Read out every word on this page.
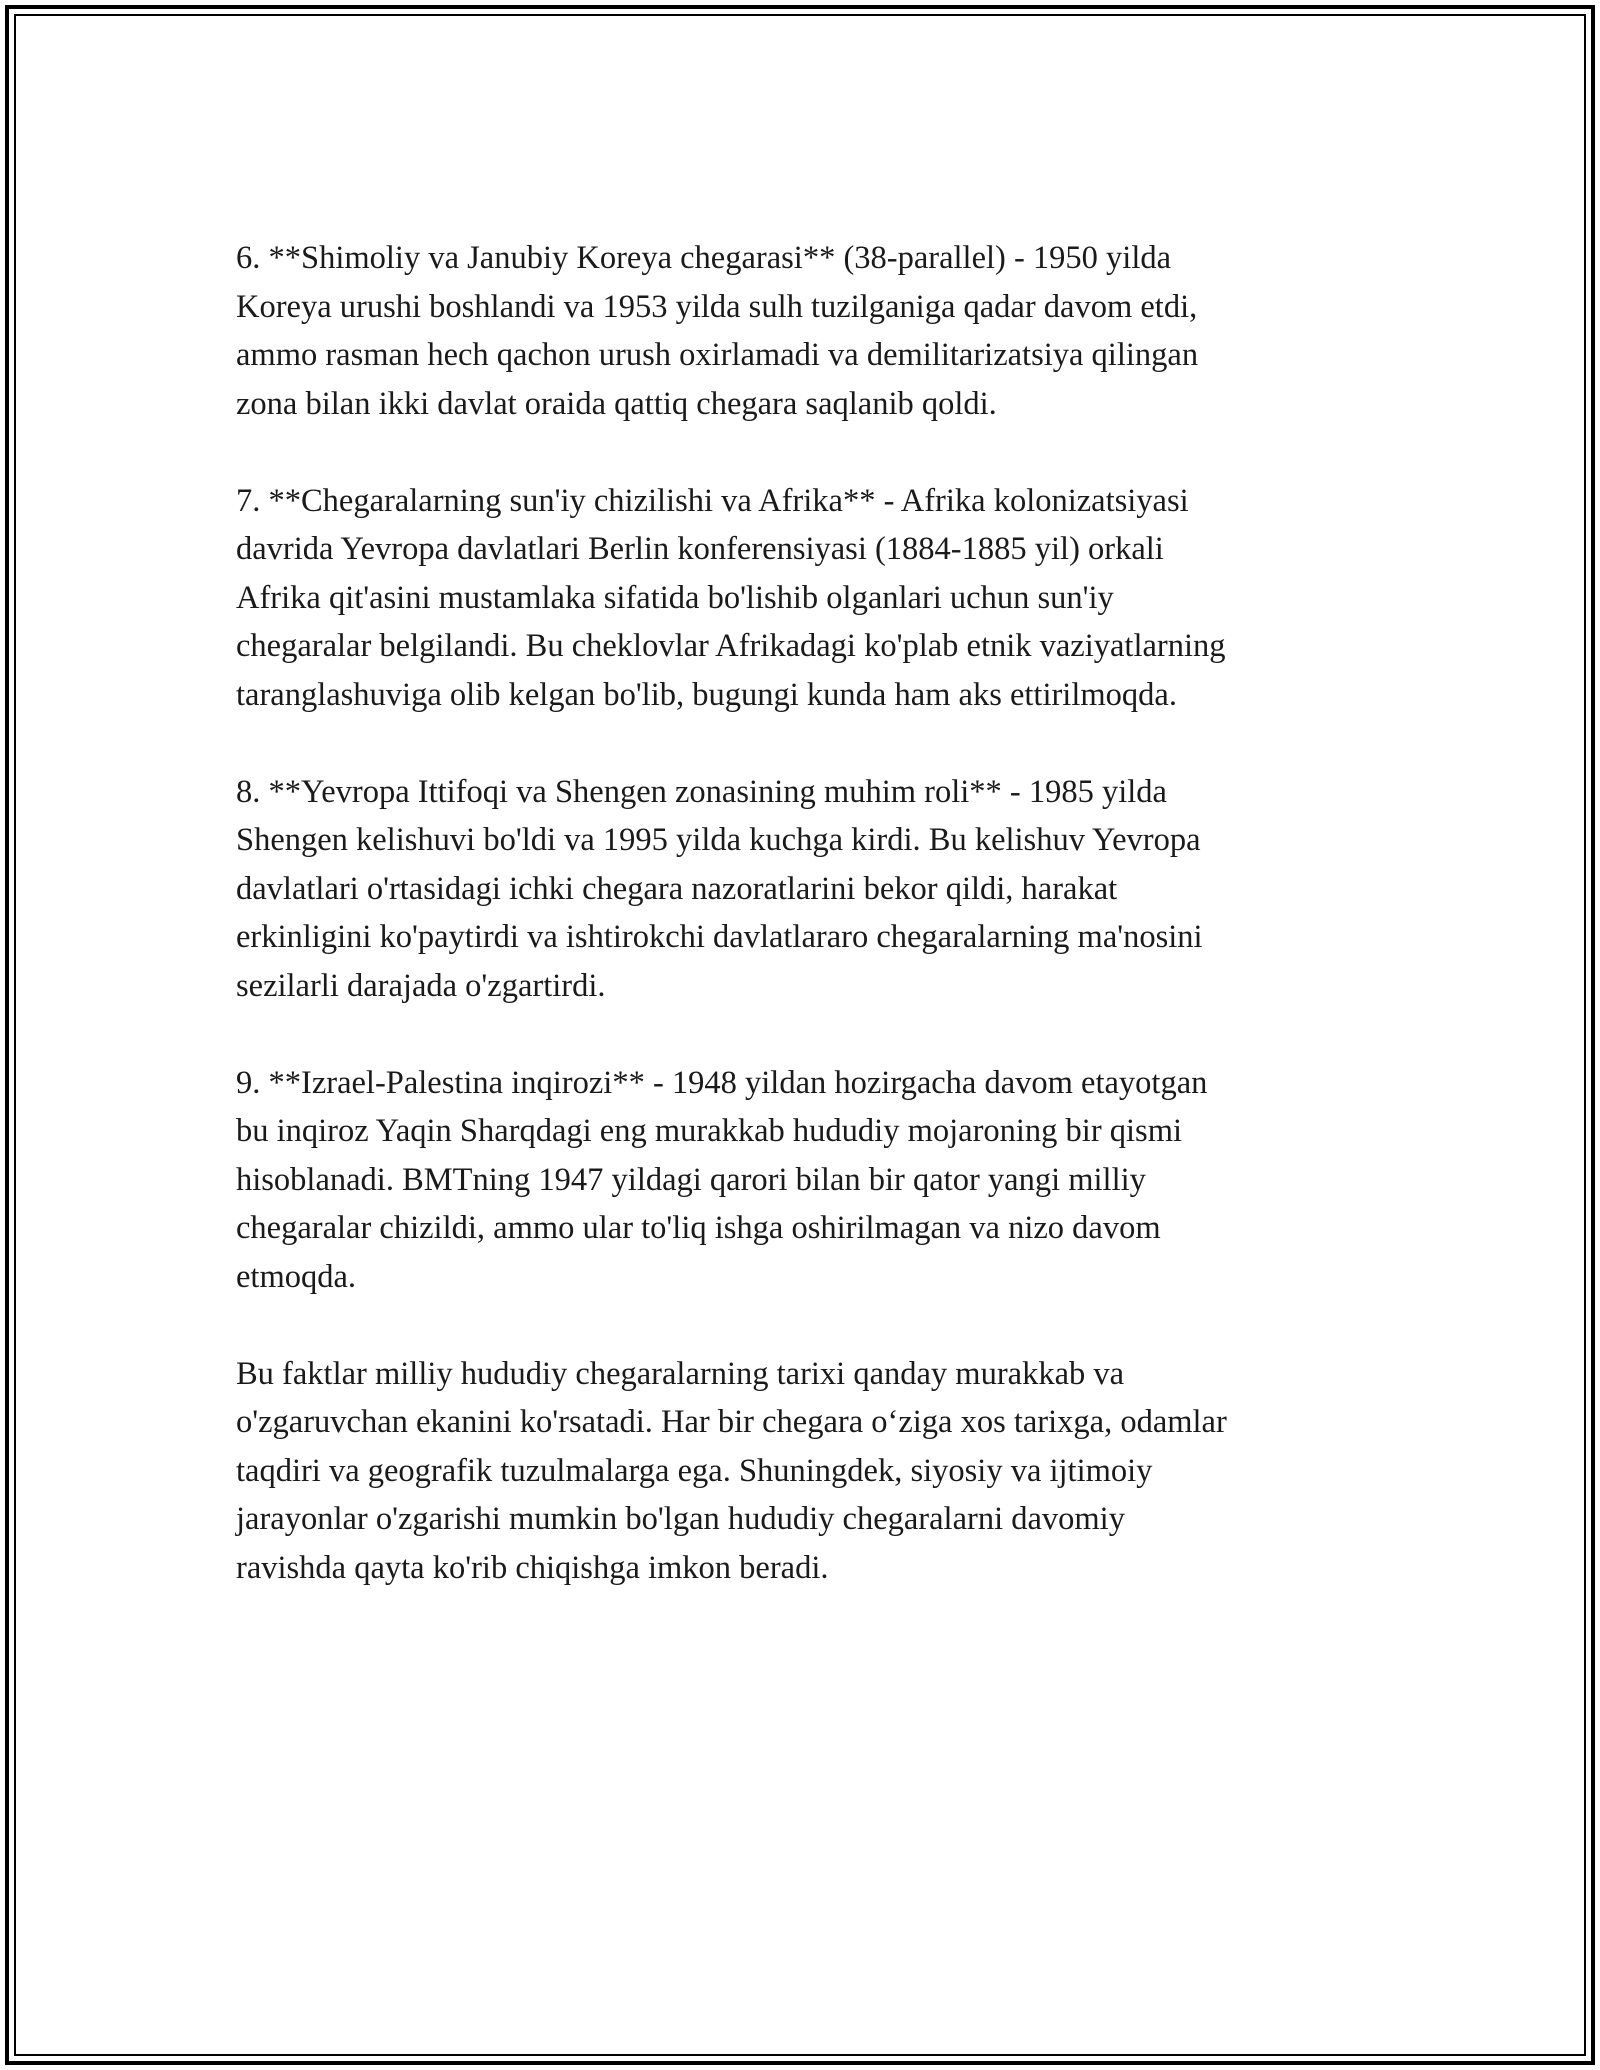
6. **Shimoliy va Janubiy Koreya chegarasi** (38-parallel) - 1950 yilda
Koreya urushi boshlandi va 1953 yilda sulh tuzilganiga qadar davom etdi,
ammo rasman hech qachon urush oxirlamadi va demilitarizatsiya qilingan
zona bilan ikki davlat oraida qattiq chegara saqlanib qoldi.

7. **Chegaralarning sun'iy chizilishi va Afrika** - Afrika kolonizatsiyasi
davrida Yevropa davlatlari Berlin konferensiyasi (1884-1885 yil) orkali
Afrika qit'asini mustamlaka sifatida bo'lishib olganlari uchun sun'iy
chegaralar belgilandi. Bu cheklovlar Afrikadagi ko'plab etnik vaziyatlarning
taranglashuviga olib kelgan bo'lib, bugungi kunda ham aks ettirilmoqda.

8. **Yevropa Ittifoqi va Shengen zonasining muhim roli** - 1985 yilda
Shengen kelishuvi bo'ldi va 1995 yilda kuchga kirdi. Bu kelishuv Yevropa
davlatlari o'rtasidagi ichki chegara nazoratlarini bekor qildi, harakat
erkinligini ko'paytirdi va ishtirokchi davlatlararo chegaralarning ma'nosini
sezilarli darajada o'zgartirdi.

9. **Izrael-Palestina inqirozi** - 1948 yildan hozirgacha davom etayotgan
bu inqiroz Yaqin Sharqdagi eng murakkab hududiy mojaroning bir qismi
hisoblanadi. BMTning 1947 yildagi qarori bilan bir qator yangi milliy
chegaralar chizildi, ammo ular to'liq ishga oshirilmagan va nizo davom
etmoqda.

Bu faktlar milliy hududiy chegaralarning tarixi qanday murakkab va
o'zgaruvchan ekanini ko'rsatadi. Har bir chegara o‘ziga xos tarixga, odamlar
taqdiri va geografik tuzulmalarga ega. Shuningdek, siyosiy va ijtimoiy
jarayonlar o'zgarishi mumkin bo'lgan hududiy chegaralarni davomiy
ravishda qayta ko'rib chiqishga imkon beradi.
